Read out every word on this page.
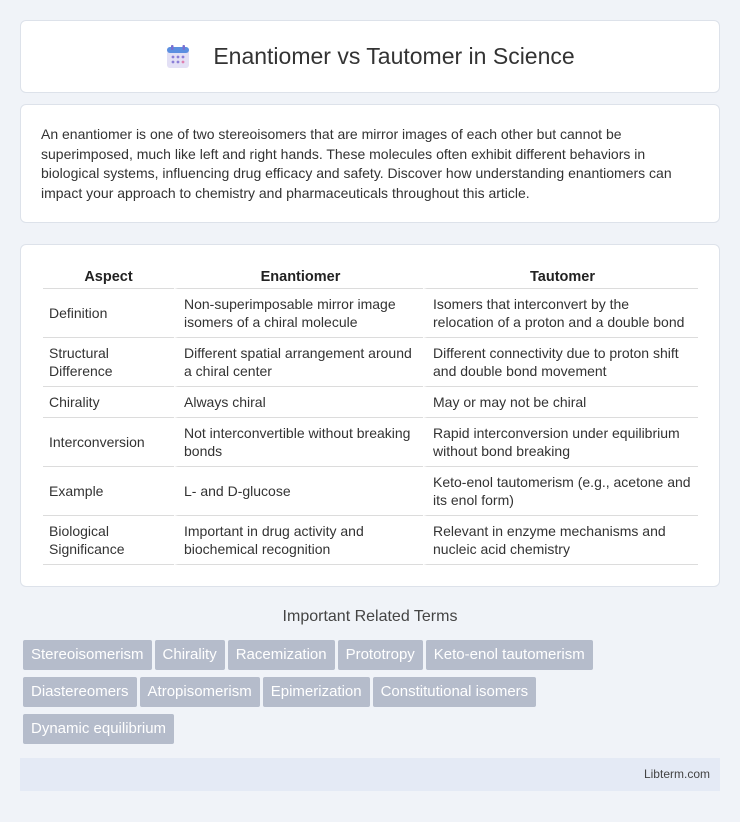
Enantiomer vs Tautomer in Science

An enantiomer is one of two stereoisomers that are mirror images of each other but cannot be superimposed, much like left and right hands. These molecules often exhibit different behaviors in biological systems, influencing drug efficacy and safety. Discover how understanding enantiomers can impact your approach to chemistry and pharmaceuticals throughout this article.

Aspect	Enantiomer	Tautomer
Definition	Non-superimposable mirror image isomers of a chiral molecule	Isomers that interconvert by the relocation of a proton and a double bond
Structural Difference	Different spatial arrangement around a chiral center	Different connectivity due to proton shift and double bond movement
Chirality	Always chiral	May or may not be chiral
Interconversion	Not interconvertible without breaking bonds	Rapid interconversion under equilibrium without bond breaking
Example	L- and D-glucose	Keto-enol tautomerism (e.g., acetone and its enol form)
Biological Significance	Important in drug activity and biochemical recognition	Relevant in enzyme mechanisms and nucleic acid chemistry
Important Related Terms
Stereoisomerism Chirality Racemization Prototropy Keto-enol tautomerism
Diastereomers Atropisomerism Epimerization Constitutional isomers
Dynamic equilibrium
Libterm.com
